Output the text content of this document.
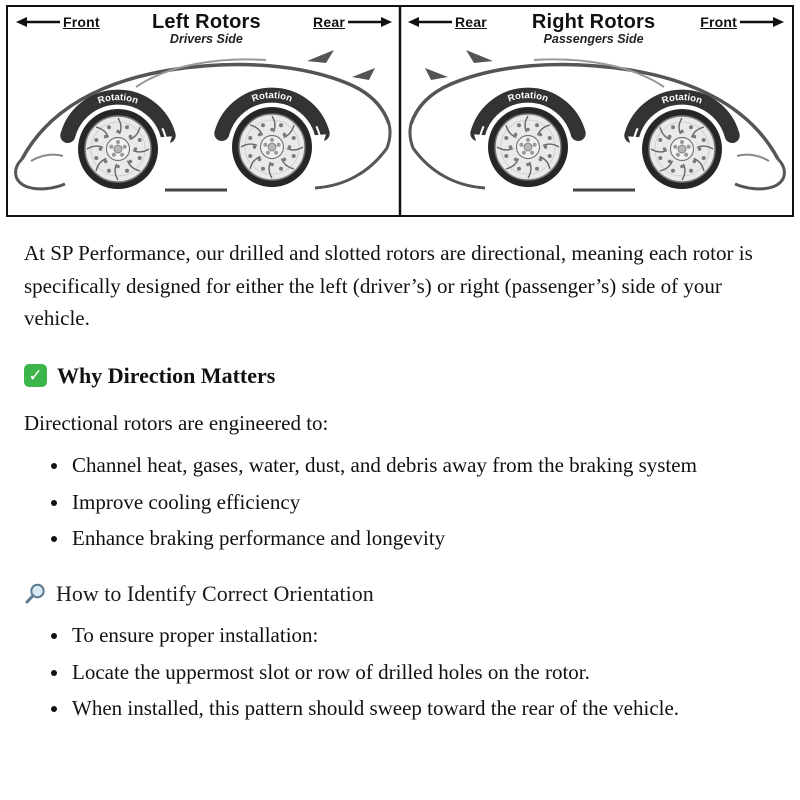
Rotation	Rotation	Rotation	Rotation
Front	Left Rotors
Drivers Side
Rear	Rear Right Rotors
Passengers Side
Front

At SP Performance, our drilled and slotted rotors are directional, meaning each rotor is specifically designed for either the left (driver’s) or right (passenger’s) side of your vehicle.

✓ Why Direction Matters

Directional rotors are engineered to:

• Channel heat, gases, water, dust, and debris away from the braking system
• Improve cooling efficiency
• Enhance braking performance and longevity
How to Identify Correct Orientation
• To ensure proper installation:
• Locate the uppermost slot or row of drilled holes on the rotor.
• When installed, this pattern should sweep toward the rear of the vehicle.
